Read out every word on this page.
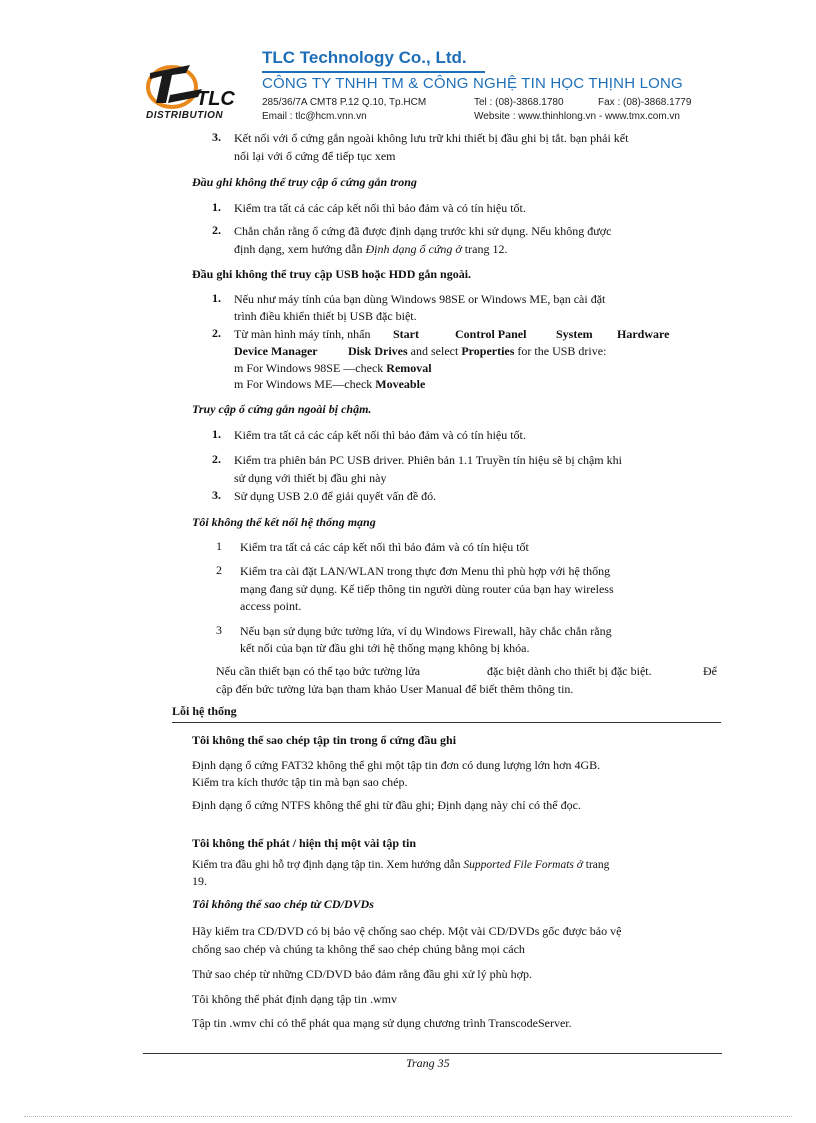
TLC
DISTRIBUTION
TLC Technology Co., Ltd.
CÔNG TY TNHH TM & CÔNG NGHỆ TIN HỌC THỊNH LONG
285/36/7A CMT8 P.12 Q.10, Tp.HCM	Tel : (08)-3868.1780	Fax : (08)-3868.1779
Email : tlc@hcm.vnn.vn	Website : www.thinhlong.vn - www.tmx.com.vn
3. Kết nối với ổ cứng gắn ngoài không lưu trữ khi thiết bị đầu ghi bị tắt. bạn phải kết
nối lại với ổ cứng để tiếp tục xem
Đầu ghi không thể truy cập ổ cứng gắn trong
1. Kiểm tra tất cả các cáp kết nối thì bảo đảm và có tín hiệu tốt.
2. Chắn chắn rằng ổ cứng đã được định dạng trước khi sử dụng. Nếu không được
định dạng, xem hướng dẫn Định dạng ổ cứng ở trang 12.
Đầu ghi không thể truy cập USB hoặc HDD gắn ngoài.
1. Nếu như máy tính của bạn dùng Windows 98SE or Windows ME, bạn cài đặt
trình điều khiển thiết bị USB đặc biệt.
2. Từ màn hình máy tính, nhấn Start	Control Panel System Hardware
Device Manager	Disk Drives and select Properties for the USB drive:
m For Windows 98SE —check Removal
m For Windows ME—check Moveable
Truy cập ổ cứng gắn ngoài bị chậm.
1. Kiểm tra tất cả các cáp kết nối thì bảo đảm và có tín hiệu tốt.
2. Kiểm tra phiên bản PC USB driver. Phiên bản 1.1 Truyền tín hiệu sẽ bị chậm khi
sử dụng với thiết bị đầu ghi này
3. Sử dụng USB 2.0 để giải quyết vấn đề đó.
Tôi không thể kết nối hệ thống mạng
1 Kiểm tra tất cả các cáp kết nối thì bảo đảm và có tín hiệu tốt
2 Kiểm tra cài đặt LAN/WLAN trong thực đơn Menu thì phù hợp với hệ thống
mạng đang sử dụng. Kế tiếp thông tin người dùng router của bạn hay wireless
access point.
3 Nếu bạn sử dụng bức tường lửa, ví dụ Windows Firewall, hãy chắc chắn rằng
kết nối của bạn từ đầu ghi tới hệ thống mạng không bị khóa.
Nếu cần thiết bạn có thể tạo bức tường lửa	đặc biệt dành cho thiết bị đặc biệt.	Để
cập đến bức tường lửa bạn tham khảo User Manual để biết thêm thông tin.
Lỗi hệ thống
Tôi không thể sao chép tập tin trong ổ cứng đầu ghi
Định dạng ổ cứng FAT32 không thể ghi một tập tin đơn có dung lượng lớn hơn 4GB.
Kiểm tra kích thước tập tin mà bạn sao chép.
Định dạng ổ cứng NTFS không thể ghi từ đầu ghi; Định dạng này chỉ có thể đọc.
Tôi không thể phát / hiện thị một vài tập tin
Kiểm tra đầu ghi hỗ trợ định dạng tập tin. Xem hướng dẫn Supported File Formats ở trang
19.
Tôi không thể sao chép từ CD/DVDs
Hãy kiểm tra CD/DVD có bị bảo vệ chống sao chép. Một vài CD/DVDs gốc được bảo vệ
chống sao chép và chúng ta không thể sao chép chúng bằng mọi cách
Thử sao chép từ những CD/DVD bảo đảm rằng đầu ghi xử lý phù hợp.
Tôi không thể phát định dạng tập tin .wmv
Tập tin .wmv chỉ có thể phát qua mạng sử dụng chương trình TranscodeServer.
Trang 35
